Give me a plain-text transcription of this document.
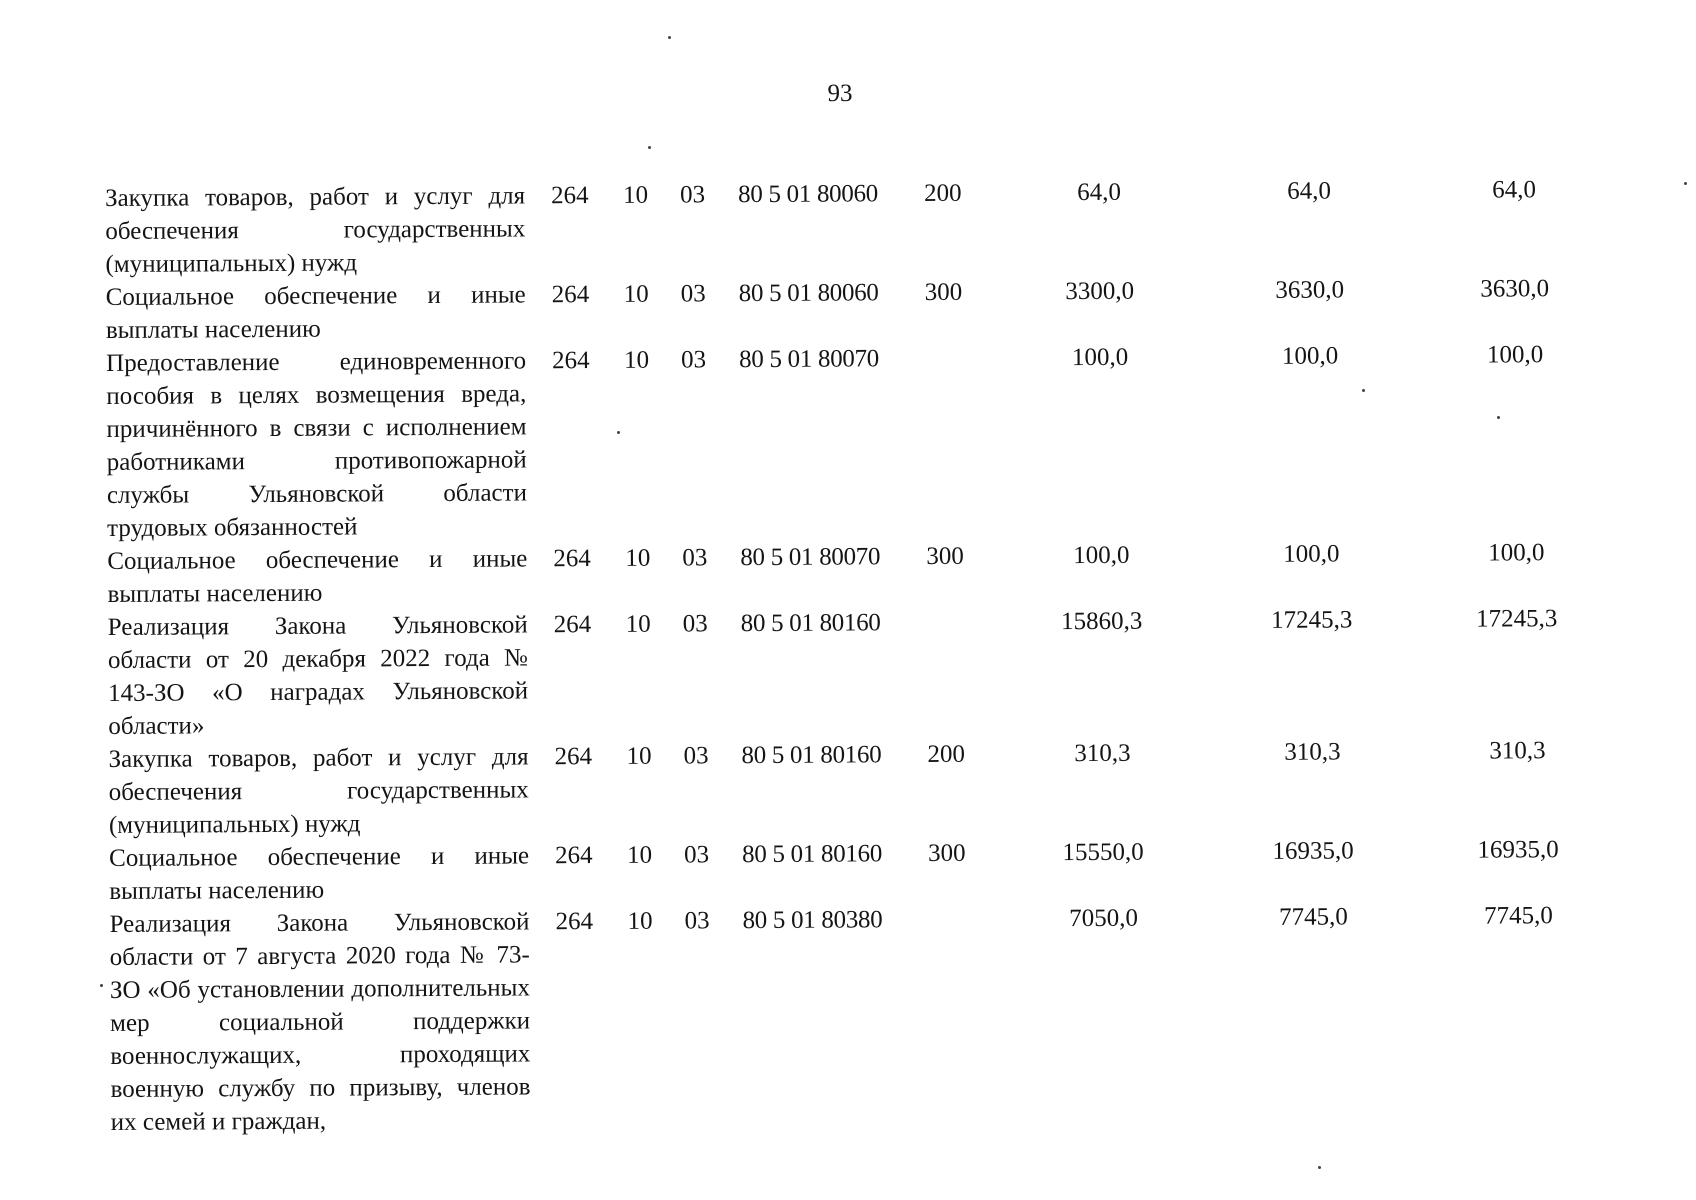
93
Закупка товаров, работ и услуг для обеспечения государственных (муниципальных) нужд	264	10	03	80 5 01 80060	200	64,0	64,0	64,0
Социальное обеспечение и иные выплаты населению	264	10	03	80 5 01 80060	300	3300,0	3630,0	3630,0
Предоставление единовременного пособия в целях возмещения вреда, причинённого в связи с исполнением работниками противопожарной службы Ульяновской области трудовых обязанностей	264	10	03	80 5 01 80070		100,0	100,0	100,0
Социальное обеспечение и иные выплаты населению	264	10	03	80 5 01 80070	300	100,0	100,0	100,0
Реализация Закона Ульяновской области от 20 декабря 2022 года № 143-ЗО «О наградах Ульяновской области»	264	10	03	80 5 01 80160		15860,3	17245,3	17245,3
Закупка товаров, работ и услуг для обеспечения государственных (муниципальных) нужд	264	10	03	80 5 01 80160	200	310,3	310,3	310,3
Социальное обеспечение и иные выплаты населению	264	10	03	80 5 01 80160	300	15550,0	16935,0	16935,0
Реализация Закона Ульяновской области от 7 августа 2020 года № 73-ЗО «Об установлении дополнительных мер социальной поддержки военнослужащих, проходящих военную службу по призыву, членов их семей и граждан,	264	10	03	80 5 01 80380		7050,0	7745,0	7745,0
